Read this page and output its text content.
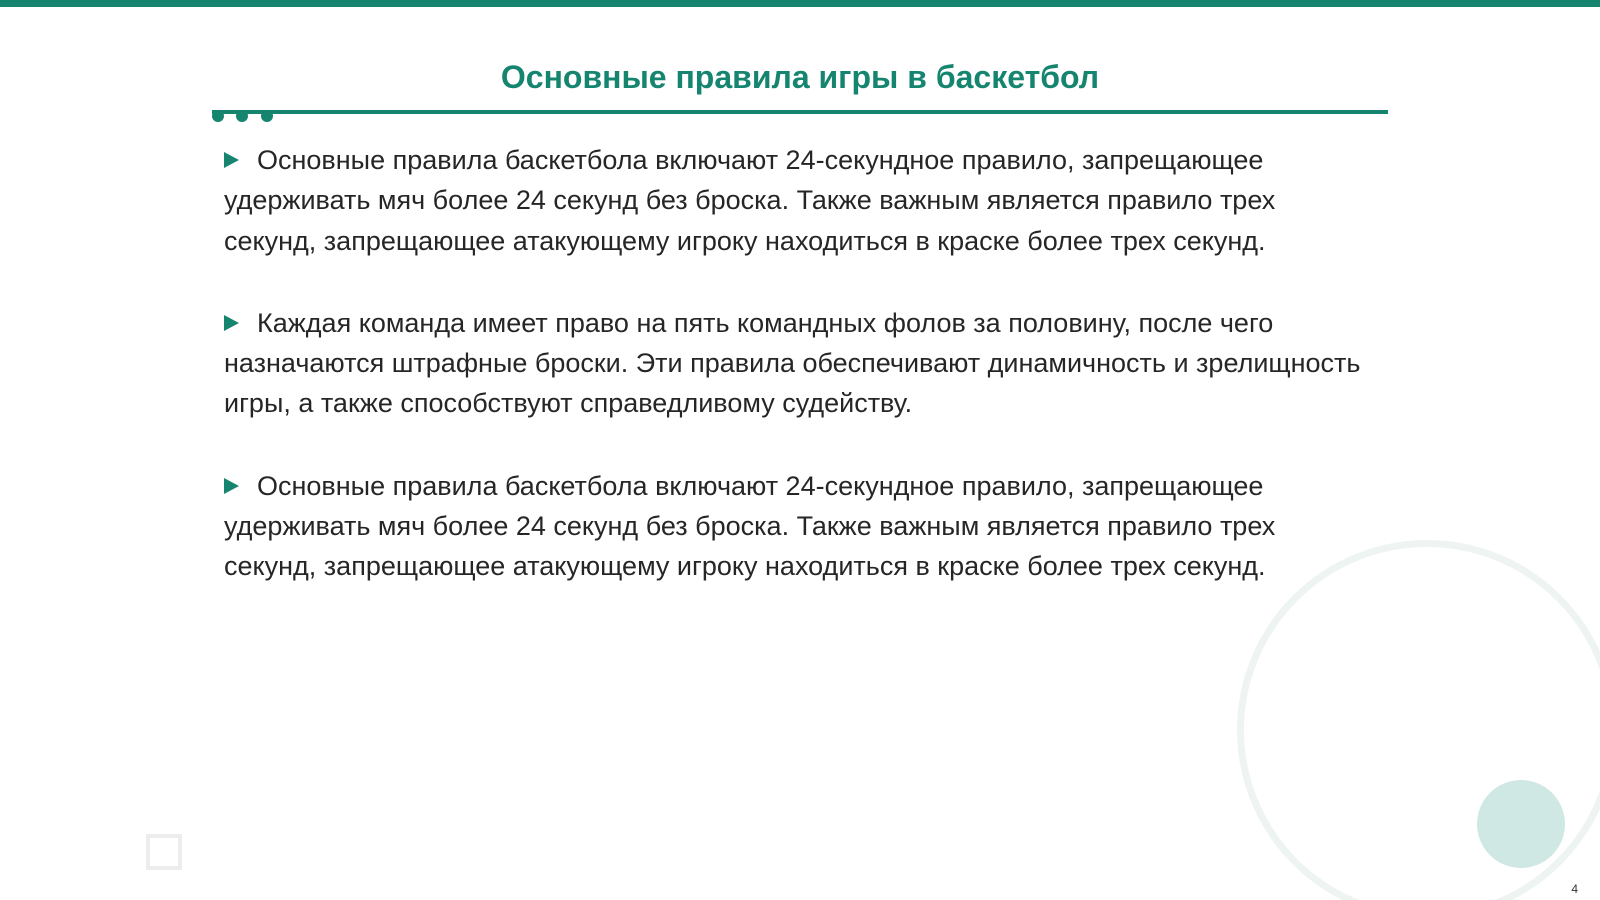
Основные правила игры в баскетбол
Основные правила баскетбола включают 24-секундное правило, запрещающее удерживать мяч более 24 секунд без броска. Также важным является правило трех секунд, запрещающее атакующему игроку находиться в краске более трех секунд.
Каждая команда имеет право на пять командных фолов за половину, после чего назначаются штрафные броски. Эти правила обеспечивают динамичность и зрелищность игры, а также способствуют справедливому судейству.
Основные правила баскетбола включают 24-секундное правило, запрещающее удерживать мяч более 24 секунд без броска. Также важным является правило трех секунд, запрещающее атакующему игроку находиться в краске более трех секунд.
4
